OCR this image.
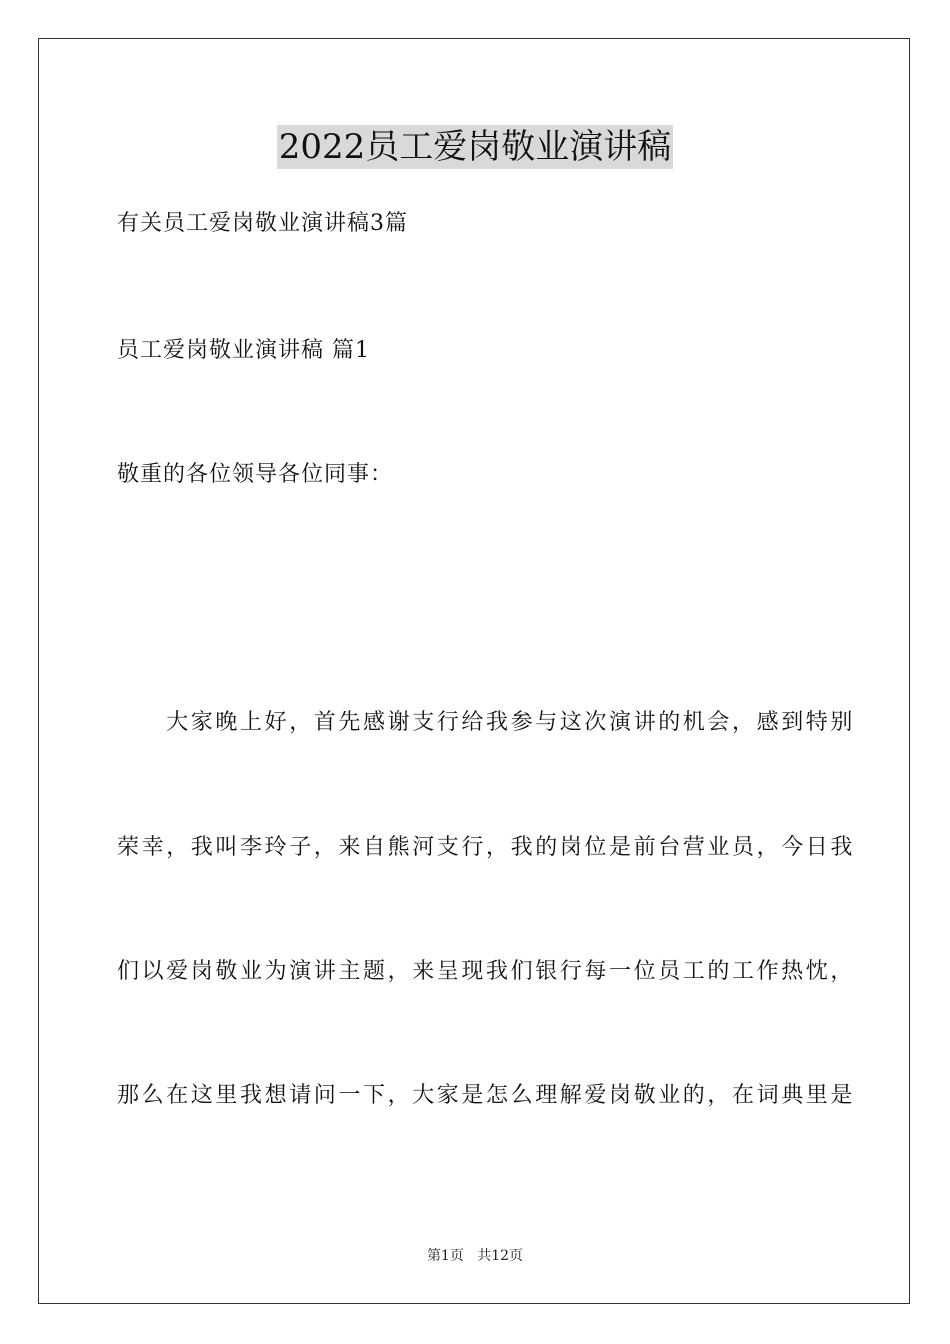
2022员工爱岗敬业演讲稿
有关员工爱岗敬业演讲稿3篇
员工爱岗敬业演讲稿 篇1
敬重的各位领导各位同事：
　　大家晚上好，首先感谢支行给我参与这次演讲的机会，感到特别
荣幸，我叫李玲子，来自熊河支行，我的岗位是前台营业员，今日我
们以爱岗敬业为演讲主题，来呈现我们银行每一位员工的工作热忱，
那么在这里我想请问一下，大家是怎么理解爱岗敬业的，在词典里是
第1页 共12页
